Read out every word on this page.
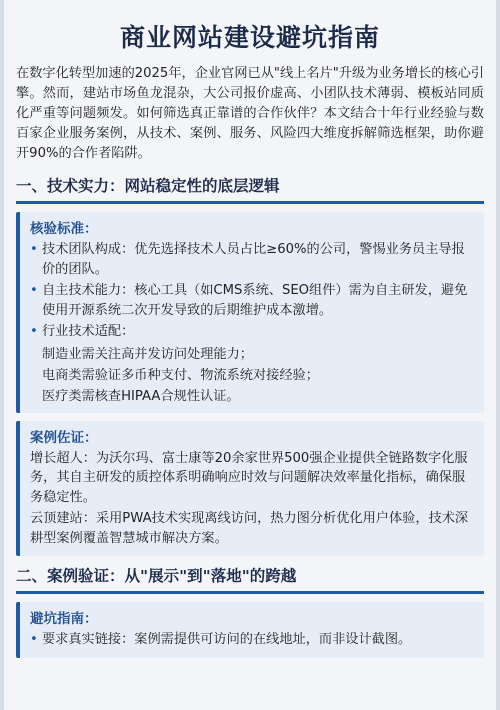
商业网站建设避坑指南
在数字化转型加速的2025年，企业官网已从"线上名片"升级为业务增长的核心引擎。然而，建站市场鱼龙混杂，大公司报价虚高、小团队技术薄弱、模板站同质化严重等问题频发。如何筛选真正靠谱的合作伙伴？本文结合十年行业经验与数百家企业服务案例，从技术、案例、服务、风险四大维度拆解筛选框架，助你避开90%的合作者陷阱。
一、技术实力：网站稳定性的底层逻辑
核验标准：
• 技术团队构成：优先选择技术人员占比≥60%的公司，警惕业务员主导报价的团队。
• 自主技术能力：核心工具（如CMS系统、SEO组件）需为自主研发，避免使用开源系统二次开发导致的后期维护成本激增。
• 行业技术适配：
制造业需关注高并发访问处理能力；
电商类需验证多币种支付、物流系统对接经验；
医疗类需核查HIPAA合规性认证。
案例佐证：
增长超人：为沃尔玛、富士康等20余家世界500强企业提供全链路数字化服务，其自主研发的质控体系明确响应时效与问题解决效率量化指标，确保服务稳定性。
云顶建站：采用PWA技术实现离线访问，热力图分析优化用户体验，技术深耕型案例覆盖智慧城市解决方案。
二、案例验证：从"展示"到"落地"的跨越
避坑指南：
• 要求真实链接：案例需提供可访问的在线地址，而非设计截图。
